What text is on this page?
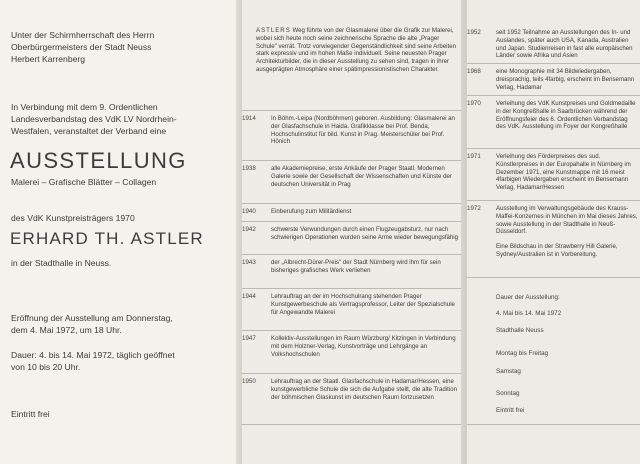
Unter der Schirmherrschaft des Herrn
Oberbürgermeisters der Stadt Neuss
Herbert Karrenberg
In Verbindung mit dem 9. Ordentlichen
Landesverbandstag des VdK LV Nordrhein-
Westfalen, veranstaltet der Verband eine
AUSSTELLUNG
Malerei – Grafische Blätter – Collagen
des VdK Kunstpreisträgers 1970
ERHARD TH. ASTLER
in der Stadthalle in Neuss.
Eröffnung der Ausstellung am Donnerstag,
dem 4. Mai 1972, um 18 Uhr.
Dauer: 4. bis 14. Mai 1972, täglich geöffnet
von 10 bis 20 Uhr.
Eintritt frei
ASTLERS Weg führte von der Glasmalerei über die Grafik zur Malerei, wobei sich heute noch seine zeichnerische Sprache die alte „Prager Schule" verrät. Trotz vorwiegender Gegenständlichkeit sind seine Arbeiten stark expressiv und im hohen Maße individuell. Seine neuesten Prager Architekturbilder, die in dieser Ausstellung zu sehen sind, tragen in ihrer ausgeprägten Atmosphäre einer spätimpressionistischen Charakter.
1914 In Böhm.-Leipa (Nordböhmen) geboren. Ausbildung: Glasmalerei an der Glasfachschule in Haida. Grafikklasse bei Prof. Benda, Hochschulinstitut für bild. Kunst in Prag. Meisterschüler bei Prof. Hönich
1938 alle Akademiepreise, erste Ankäufe der Prager Staatl. Modernen Galerie sowie der Gesellschaft der Wissenschaften und Künste der deutschen Universität in Prag
1940 Einberufung zum Militärdienst
1942 schwerste Verwundungen durch einen Flugzeugabsturz, nur nach schwierigen Operationen wurden seine Arme wieder bewegungsfähig
1943 der „Albrecht-Dürer-Preis" der Stadt Nürnberg wird ihm für sein bisheriges grafisches Werk verliehen
1944 Lehrauftrag an der im Hochschulrang stehenden Prager Kunstgewerbeschule als Vertragsprofessor, Leiter der Spezialschule für Angewandte Malerei
1947 Kollektiv-Ausstellungen im Raum Würzburg/ Kitzingen in Verbindung mit dem Holzner-Verlag, Kunstvorträge und Lehrgänge an Volkshochschulen
1950 Lehrauftrag an der Staatl. Glasfachschule in Hadamar/Hessen, eine kunstgewerbliche Schule die sich die Aufgabe stellt, die alte Tradition der böhmischen Glaskunst im deutschen Raum fortzusetzen
1952 seit 1952 Teilnahme an Ausstellungen des In- und Auslandes, später auch USA, Kanada, Australien und Japan. Studienreisen in fast alle europäischen Länder sowie Afrika und Asien
1968 eine Monographie mit 34 Bildwiedergaben, dreisprachig, teils 4farbig, erscheint im Bensemann Verlag, Hadamar
1970 Verleihung des VdK Kunstpreises und Goldmedaille in der Kongreßhalle in Saarbrücken während der Eröffnungsfeier des 6. Ordentlichen Verbandstag des VdK. Ausstellung im Foyer der Kongreßhalle
1971 Verleihung des Förderpreises des sud. Künstlerpreises in der Europahalle in Nürnberg im Dezember 1971, eine Kunstmappe mit 16 meist 4farbigen Wiedergaben erscheint im Bensemann Verlag, Hadamar/Hessen
1972 Ausstellung im Verwaltungsgebäude des Krauss-Maffei-Konzernes in München im Mai dieses Jahres, sowie Ausstellung in der Stadthalle in Neuß-Düsseldorf.
Eine Bildschau in der Strawberry Hill Galerie, Sydney/Australien ist in Vorbereitung.
Dauer der Ausstellung:
4. Mai bis 14. Mai 1972
Stadthalle Neuss
Montag bis Freitag
Samstag
Sonntag
Eintritt frei
